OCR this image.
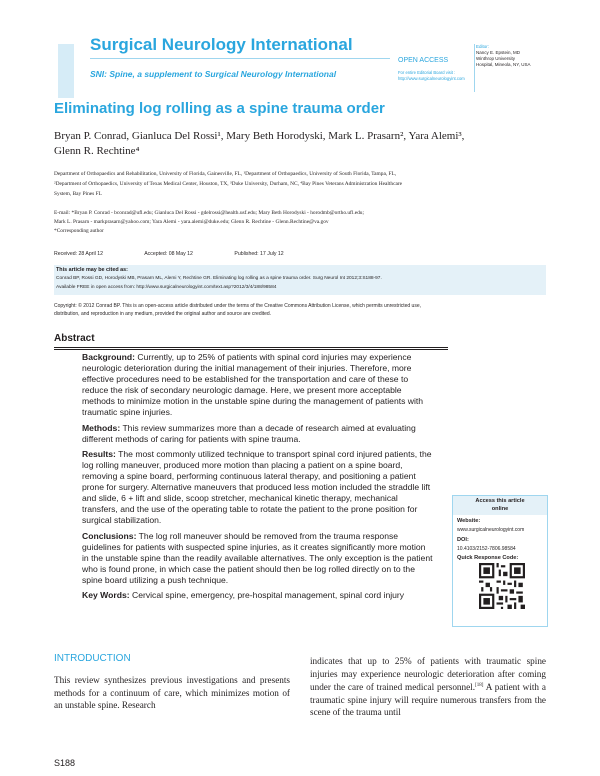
Surgical Neurology International
SNI: Spine, a supplement to Surgical Neurology International
OPEN ACCESS
For entire Editorial Board visit :
http://www.surgicalneurologyint.com
Editor:
Nancy E. Epstein, MD
Winthrop University
Hospital, Mineola, NY, USA
Eliminating log rolling as a spine trauma order
Bryan P. Conrad, Gianluca Del Rossi¹, Mary Beth Horodyski, Mark L. Prasarn², Yara Alemi³,
Glenn R. Rechtine⁴
Department of Orthopaedics and Rehabilitation, University of Florida, Gainesville, FL, ¹Department of Orthopaedics, University of South Florida, Tampa, FL,
²Department of Orthopaedics, University of Texas Medical Center, Houston, TX, ³Duke University, Durham, NC, ⁴Bay Pines Veterans Administration Healthcare
System, Bay Pines FL
E-mail: *Bryan P. Conrad - bconrad@ufl.edu; Gianluca Del Rossi - gdelrossi@health.usf.edu; Mary Beth Horodyski - horodmb@ortho.ufl.edu;
Mark L. Prasarn - markprasarn@yahoo.com; Yara Alemi - yara.alemi@duke.edu; Glenn R. Rechtine - Glenn.Rechtine@va.gov
*Corresponding author
Received: 28 April 12	Accepted: 08 May 12	Published: 17 July 12
This article may be cited as:
Conrad BP, Rossi GD, Horodyski MB, Prasarn ML, Alemi Y, Rechtine GR. Eliminating log rolling as a spine trauma order. Surg Neurol Int 2012;3:S188-97.
Available FREE in open access from: http://www.surgicalneurologyint.com/text.asp?2012/3/4/188/98584
Copyright: © 2012 Conrad BP. This is an open-access article distributed under the terms of the Creative Commons Attribution License, which permits unrestricted use,
distribution, and reproduction in any medium, provided the original author and source are credited.
Abstract

Background: Currently, up to 25% of patients with spinal cord injuries may experience neurologic deterioration during the initial management of their injuries. Therefore, more effective procedures need to be established for the transportation and care of these to reduce the risk of secondary neurologic damage. Here, we present more acceptable methods to minimize motion in the unstable spine during the management of patients with traumatic spine injuries.

Methods: This review summarizes more than a decade of research aimed at evaluating different methods of caring for patients with spine trauma.

Results: The most commonly utilized technique to transport spinal cord injured patients, the log rolling maneuver, produced more motion than placing a patient on a spine board, removing a spine board, performing continuous lateral therapy, and positioning a patient prone for surgery. Alternative maneuvers that produced less motion included the straddle lift and slide, 6 + lift and slide, scoop stretcher, mechanical kinetic therapy, mechanical transfers, and the use of the operating table to rotate the patient to the prone position for surgical stabilization.

Conclusions: The log roll maneuver should be removed from the trauma response guidelines for patients with suspected spine injuries, as it creates significantly more motion in the unstable spine than the readily available alternatives. The only exception is the patient who is found prone, in which case the patient should then be log rolled directly on to the spine board utilizing a push technique.

Key Words: Cervical spine, emergency, pre-hospital management, spinal cord injury

Access this article
online
Website:
www.surgicalneurologyint.com
DOI:
10.4103/2152-7806.98584
Quick Response Code:
INTRODUCTION
This review synthesizes previous investigations and presents methods for a continuum of care, which minimizes motion of an unstable spine. Research
indicates that up to 25% of patients with traumatic spine injuries may experience neurologic deterioration after coming under the care of trained medical personnel.[18] A patient with a traumatic spine injury will require numerous transfers from the scene of the trauma until
S188
